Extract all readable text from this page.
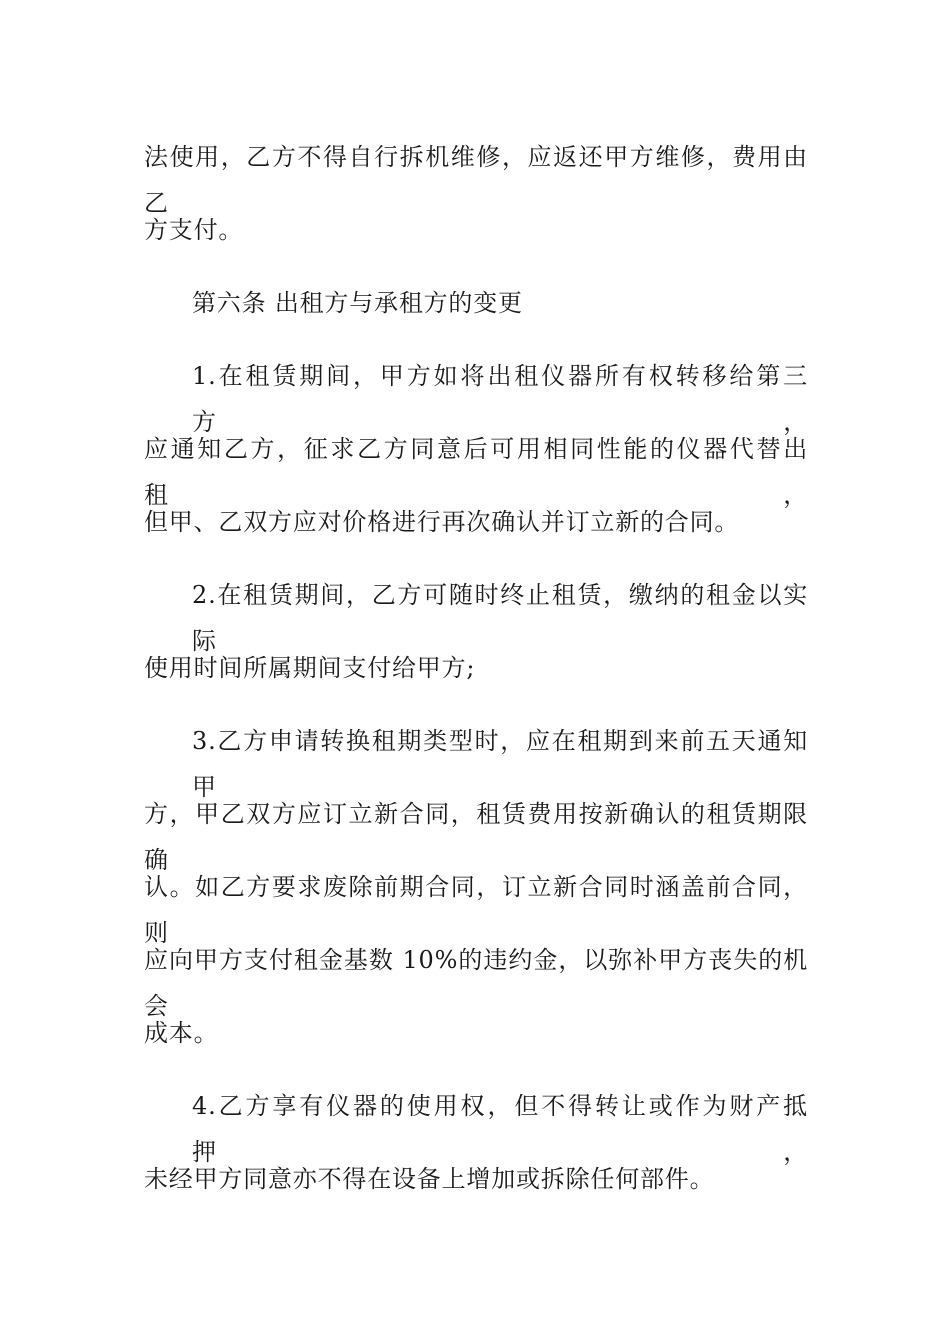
法使用，乙方不得自行拆机维修，应返还甲方维修，费用由乙
方支付。
第六条 出租方与承租方的变更
1.在租赁期间，甲方如将出租仪器所有权转移给第三方，
应通知乙方，征求乙方同意后可用相同性能的仪器代替出租，
但甲、乙双方应对价格进行再次确认并订立新的合同。
2.在租赁期间，乙方可随时终止租赁，缴纳的租金以实际
使用时间所属期间支付给甲方;
3.乙方申请转换租期类型时，应在租期到来前五天通知甲
方，甲乙双方应订立新合同，租赁费用按新确认的租赁期限确
认。如乙方要求废除前期合同，订立新合同时涵盖前合同，则
应向甲方支付租金基数 10%的违约金，以弥补甲方丧失的机会
成本。
4.乙方享有仪器的使用权，但不得转让或作为财产抵押，
未经甲方同意亦不得在设备上增加或拆除任何部件。
